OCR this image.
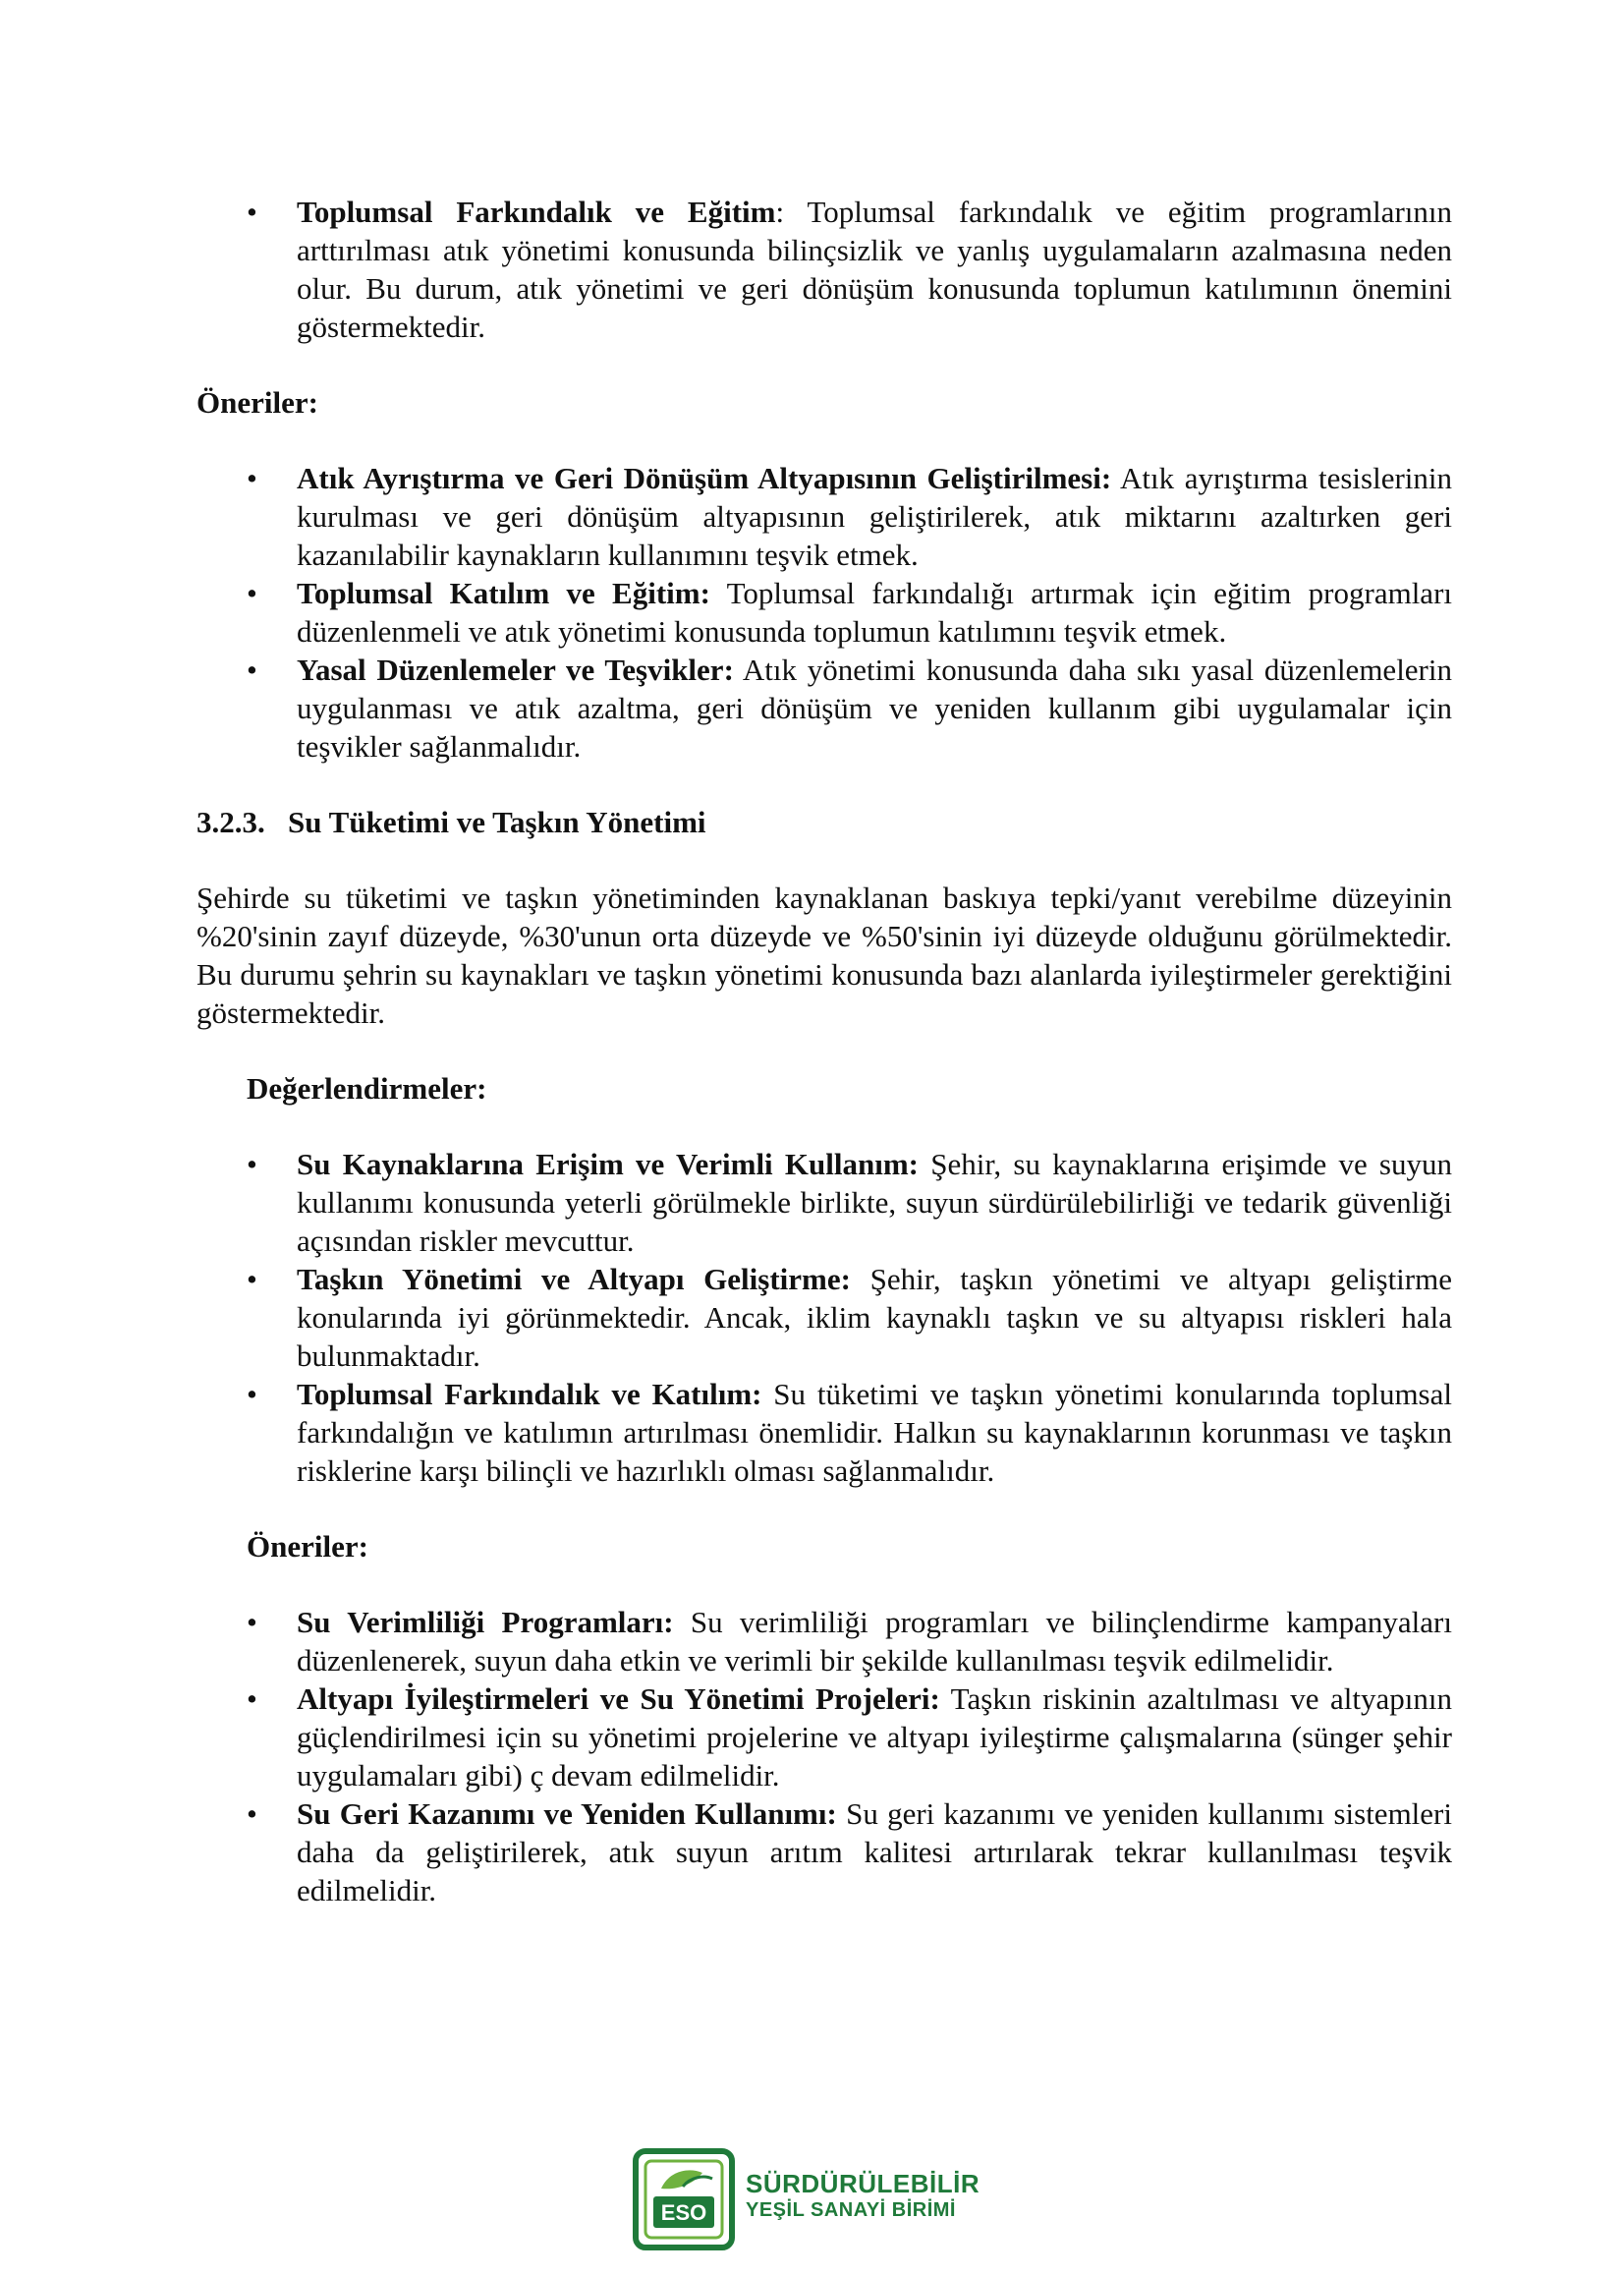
• Toplumsal Farkındalık ve Eğitim: Toplumsal farkındalık ve eğitim programlarının arttırılması atık yönetimi konusunda bilinçsizlik ve yanlış uygulamaların azalmasına neden olur. Bu durum, atık yönetimi ve geri dönüşüm konusunda toplumun katılımının önemini göstermektedir.

Öneriler:

• Atık Ayrıştırma ve Geri Dönüşüm Altyapısının Geliştirilmesi: Atık ayrıştırma tesislerinin kurulması ve geri dönüşüm altyapısının geliştirilerek, atık miktarını azaltırken geri kazanılabilir kaynakların kullanımını teşvik etmek.
• Toplumsal Katılım ve Eğitim: Toplumsal farkındalığı artırmak için eğitim programları düzenlenmeli ve atık yönetimi konusunda toplumun katılımını teşvik etmek.
• Yasal Düzenlemeler ve Teşvikler: Atık yönetimi konusunda daha sıkı yasal düzenlemelerin uygulanması ve atık azaltma, geri dönüşüm ve yeniden kullanım gibi uygulamalar için teşvikler sağlanmalıdır.

3.2.3. Su Tüketimi ve Taşkın Yönetimi

Şehirde su tüketimi ve taşkın yönetiminden kaynaklanan baskıya tepki/yanıt verebilme düzeyinin %20'sinin zayıf düzeyde, %30'unun orta düzeyde ve %50'sinin iyi düzeyde olduğunu görülmektedir. Bu durumu şehrin su kaynakları ve taşkın yönetimi konusunda bazı alanlarda iyileştirmeler gerektiğini göstermektedir.

Değerlendirmeler:

• Su Kaynaklarına Erişim ve Verimli Kullanım: Şehir, su kaynaklarına erişimde ve suyun kullanımı konusunda yeterli görülmekle birlikte, suyun sürdürülebilirliği ve tedarik güvenliği açısından riskler mevcuttur.
• Taşkın Yönetimi ve Altyapı Geliştirme: Şehir, taşkın yönetimi ve altyapı geliştirme konularında iyi görünmektedir. Ancak, iklim kaynaklı taşkın ve su altyapısı riskleri hala bulunmaktadır.
• Toplumsal Farkındalık ve Katılım: Su tüketimi ve taşkın yönetimi konularında toplumsal farkındalığın ve katılımın artırılması önemlidir. Halkın su kaynaklarının korunması ve taşkın risklerine karşı bilinçli ve hazırlıklı olması sağlanmalıdır.

Öneriler:

• Su Verimliliği Programları: Su verimliliği programları ve bilinçlendirme kampanyaları düzenlenerek, suyun daha etkin ve verimli bir şekilde kullanılması teşvik edilmelidir.
• Altyapı İyileştirmeleri ve Su Yönetimi Projeleri: Taşkın riskinin azaltılması ve altyapının güçlendirilmesi için su yönetimi projelerine ve altyapı iyileştirme çalışmalarına (sünger şehir uygulamaları gibi) ç devam edilmelidir.
• Su Geri Kazanımı ve Yeniden Kullanımı: Su geri kazanımı ve yeniden kullanımı sistemleri daha da geliştirilerek, atık suyun arıtım kalitesi artırılarak tekrar kullanılması teşvik edilmelidir.
ESO
SÜRDÜRÜLEBİLİR
YEŞİL SANAYİ BİRİMİ
